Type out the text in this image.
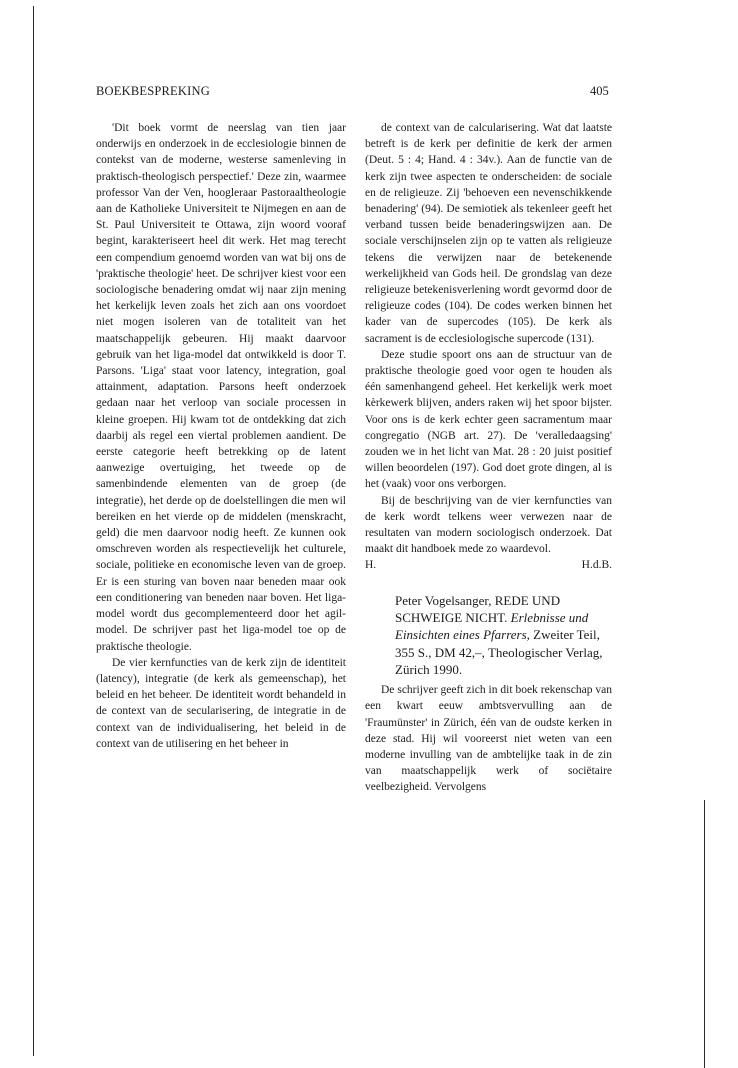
BOEKBESPREKING	405

'Dit boek vormt de neerslag van tien jaar onderwijs en onderzoek in de ecclesiologie binnen de contekst van de moderne, westerse samenleving in praktisch-theologisch perspectief.' Deze zin, waarmee professor Van der Ven, hoogleraar Pastoraaltheologie aan de Katholieke Universiteit te Nijmegen en aan de St. Paul Universiteit te Ottawa, zijn woord vooraf begint, karakteriseert heel dit werk. Het mag terecht een compendium genoemd worden van wat bij ons de 'praktische theologie' heet. De schrijver kiest voor een sociologische benadering omdat wij naar zijn mening het kerkelijk leven zoals het zich aan ons voordoet niet mogen isoleren van de totaliteit van het maatschappelijk gebeuren. Hij maakt daarvoor gebruik van het liga-model dat ontwikkeld is door T. Parsons. 'Liga' staat voor latency, integration, goal attainment, adaptation. Parsons heeft onderzoek gedaan naar het verloop van sociale processen in kleine groepen. Hij kwam tot de ontdekking dat zich daarbij als regel een viertal problemen aandient. De eerste categorie heeft betrekking op de latent aanwezige overtuiging, het tweede op de samenbindende elementen van de groep (de integratie), het derde op de doelstellingen die men wil bereiken en het vierde op de middelen (menskracht, geld) die men daarvoor nodig heeft. Ze kunnen ook omschreven worden als respectievelijk het culturele, sociale, politieke en economische leven van de groep. Er is een sturing van boven naar beneden maar ook een conditionering van beneden naar boven. Het liga-model wordt dus gecomplementeerd door het agil-model. De schrijver past het liga-model toe op de praktische theologie.

De vier kernfuncties van de kerk zijn de identiteit (latency), integratie (de kerk als gemeenschap), het beleid en het beheer. De identiteit wordt behandeld in de context van de secularisering, de integratie in de context van de individualisering, het beleid in de context van de utilisering en het beheer in

de context van de calcularisering. Wat dat laatste betreft is de kerk per definitie de kerk der armen (Deut. 5 : 4; Hand. 4 : 34v.). Aan de functie van de kerk zijn twee aspecten te onderscheiden: de sociale en de religieuze. Zij 'behoeven een nevenschikkende benadering' (94). De semiotiek als tekenleer geeft het verband tussen beide benaderingswijzen aan. De sociale verschijnselen zijn op te vatten als religieuze tekens die verwijzen naar de betekenende werkelijkheid van Gods heil. De grondslag van deze religieuze betekenisverlening wordt gevormd door de religieuze codes (104). De codes werken binnen het kader van de supercodes (105). De kerk als sacrament is de ecclesiologische supercode (131).

Deze studie spoort ons aan de structuur van de praktische theologie goed voor ogen te houden als één samenhangend geheel. Het kerkelijk werk moet kèrkewerk blijven, anders raken wij het spoor bijster. Voor ons is de kerk echter geen sacramentum maar congregatio (NGB art. 27). De 'veralledaagsing' zouden we in het licht van Mat. 28 : 20 juist positief willen beoordelen (197). God doet grote dingen, al is het (vaak) voor ons verborgen.

Bij de beschrijving van de vier kernfuncties van de kerk wordt telkens weer verwezen naar de resultaten van modern sociologisch onderzoek. Dat maakt dit handboek mede zo waardevol.

H.	H.d.B.
Peter Vogelsanger, REDE UND SCHWEIGE NICHT. Erlebnisse und Einsichten eines Pfarrers, Zweiter Teil, 355 S., DM 42,–, Theologischer Verlag, Zürich 1990.

De schrijver geeft zich in dit boek rekenschap van een kwart eeuw ambtsvervulling aan de 'Fraumünster' in Zürich, één van de oudste kerken in deze stad. Hij wil vooreerst niet weten van een moderne invulling van de ambtelijke taak in de zin van maatschappelijk werk of sociëtaire veelbezigheid. Vervolgens
